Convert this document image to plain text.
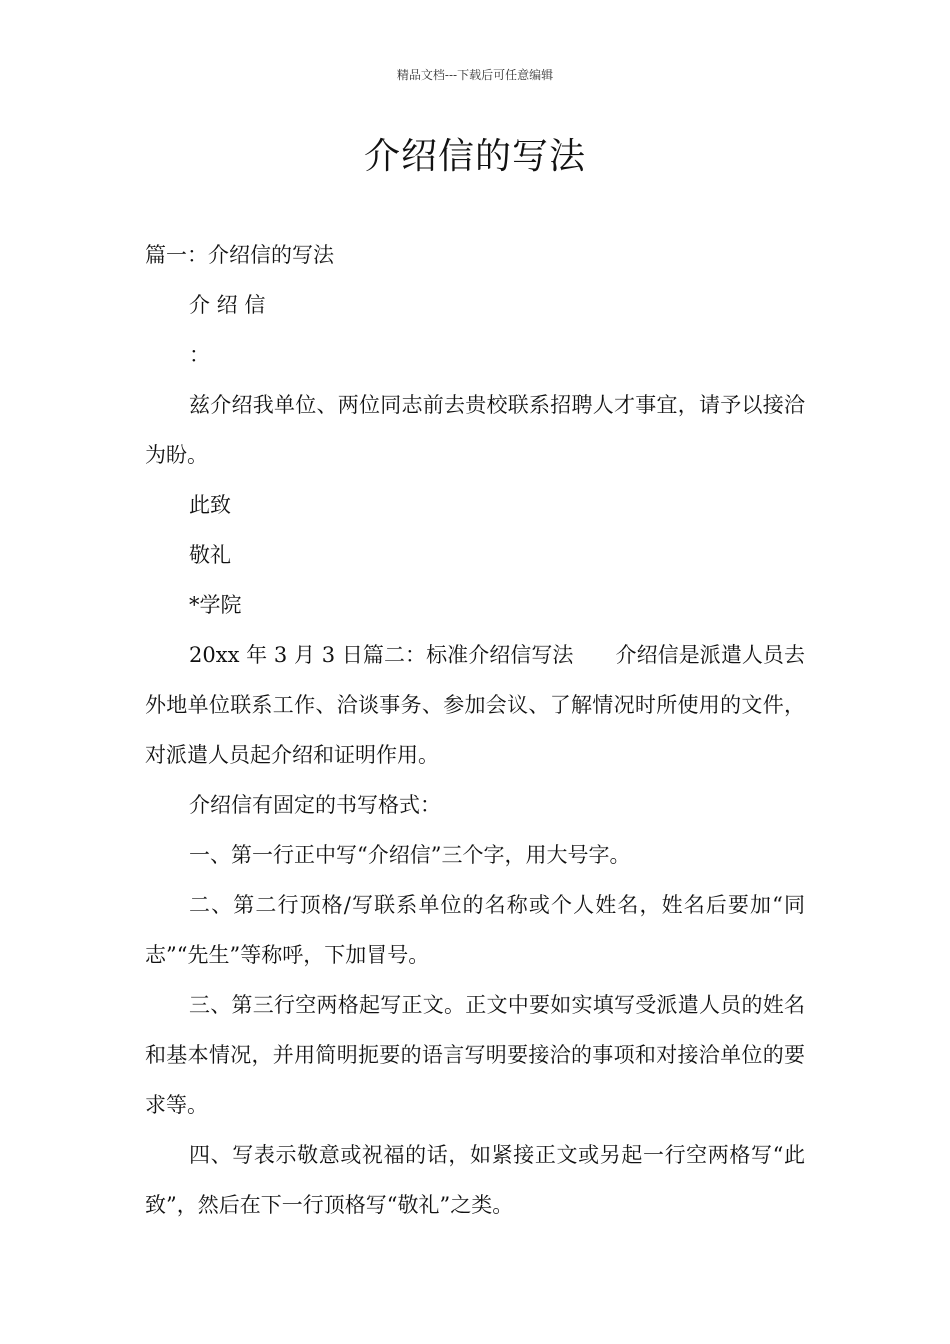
精品文档---下载后可任意编辑
介绍信的写法

篇一：介绍信的写法

介 绍 信

：

兹介绍我单位、两位同志前去贵校联系招聘人才事宜，请予以接洽为盼。

此致

敬礼

*学院

20xx 年 3 月 3 日篇二：标准介绍信写法　　介绍信是派遣人员去外地单位联系工作、洽谈事务、参加会议、了解情况时所使用的文件，对派遣人员起介绍和证明作用。

介绍信有固定的书写格式：

一、第一行正中写“介绍信”三个字，用大号字。

二、第二行顶格/写联系单位的名称或个人姓名，姓名后要加“同志”“先生”等称呼，下加冒号。

三、第三行空两格起写正文。正文中要如实填写受派遣人员的姓名和基本情况，并用简明扼要的语言写明要接洽的事项和对接洽单位的要求等。

四、写表示敬意或祝福的话，如紧接正文或另起一行空两格写“此致”，然后在下一行顶格写“敬礼”之类。
